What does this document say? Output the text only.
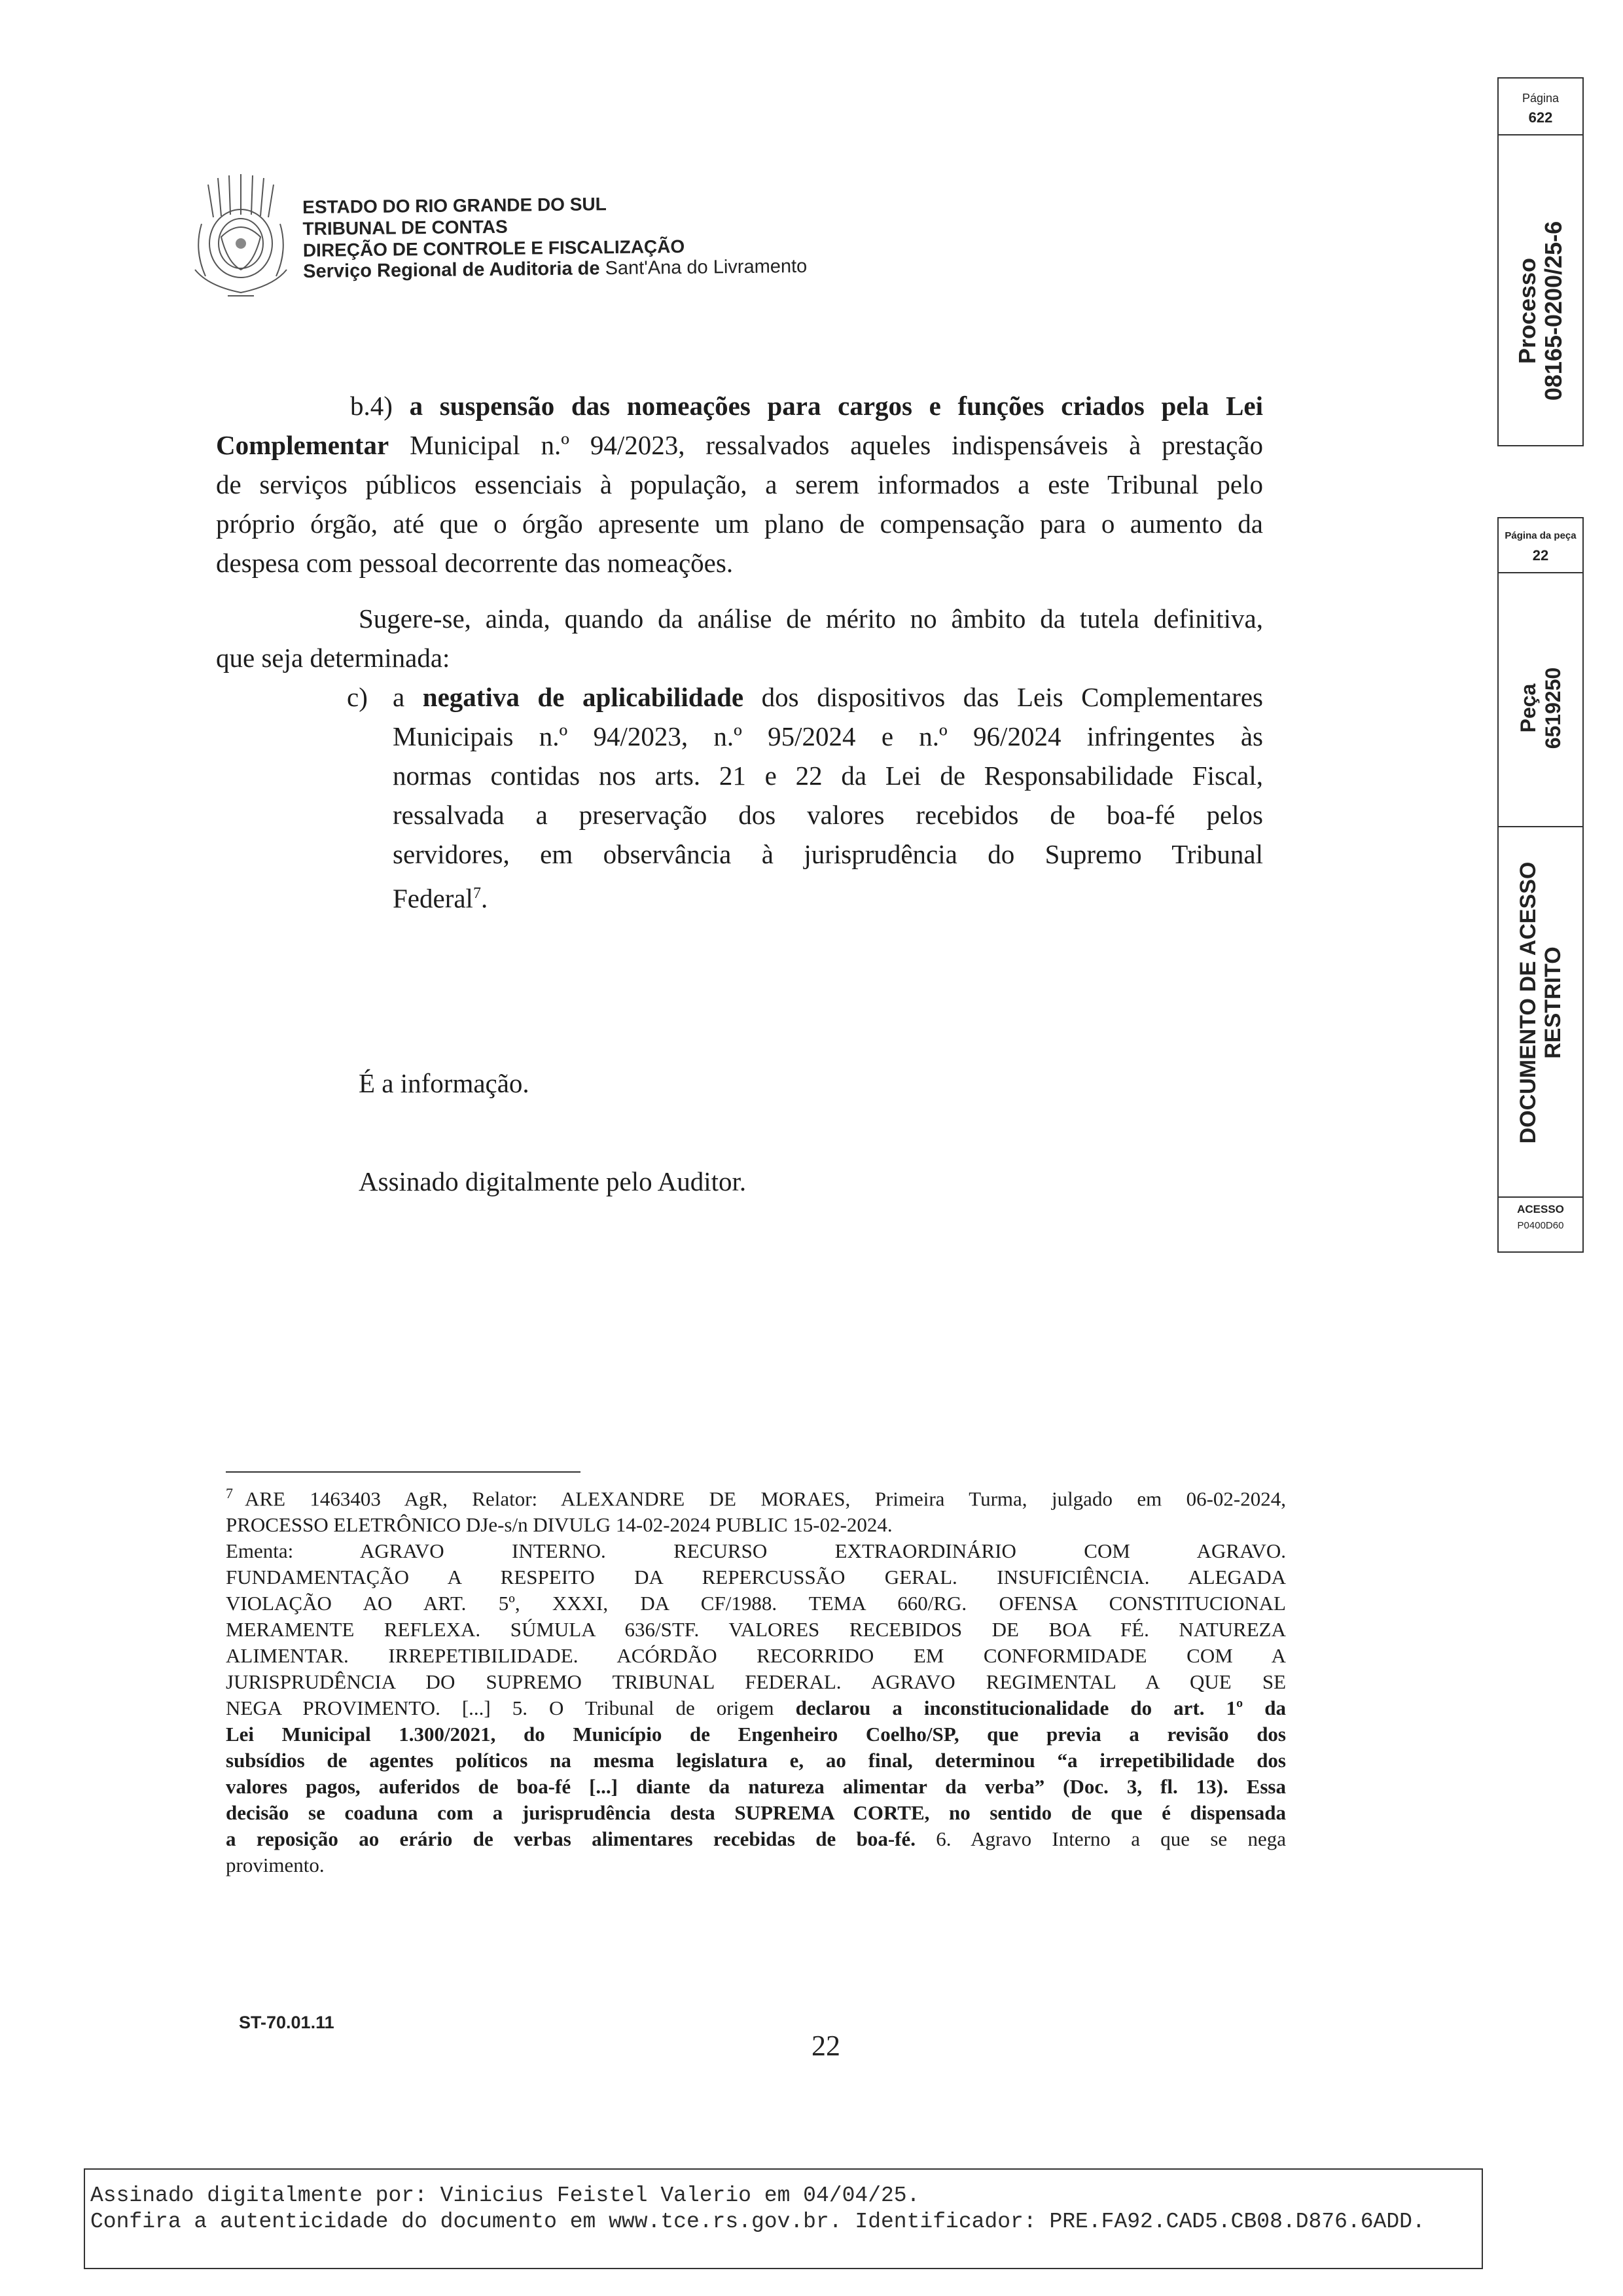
ESTADO DO RIO GRANDE DO SUL
TRIBUNAL DE CONTAS
DIREÇÃO DE CONTROLE E FISCALIZAÇÃO
Serviço Regional de Auditoria de Sant'Ana do Livramento
Página
622
Processo 08165-0200/25-6
Página da peça
22
Peça 6519250
DOCUMENTO DE ACESSO RESTRITO
ACESSO
P0400D60
b.4) a suspensão das nomeações para cargos e funções criados pela Lei
Complementar Municipal n.º 94/2023, ressalvados aqueles indispensáveis à prestação
de serviços públicos essenciais à população, a serem informados a este Tribunal pelo
próprio órgão, até que o órgão apresente um plano de compensação para o aumento da
despesa com pessoal decorrente das nomeações.
Sugere-se, ainda, quando da análise de mérito no âmbito da tutela definitiva,
que seja determinada:
c) a negativa de aplicabilidade dos dispositivos das Leis Complementares
Municipais n.º 94/2023, n.º 95/2024 e n.º 96/2024 infringentes às
normas contidas nos arts. 21 e 22 da Lei de Responsabilidade Fiscal,
ressalvada a preservação dos valores recebidos de boa-fé pelos
servidores, em observância à jurisprudência do Supremo Tribunal
Federal$^7$.
É a informação.
Assinado digitalmente pelo Auditor.
$^7$ ARE 1463403 AgR, Relator: ALEXANDRE DE MORAES, Primeira Turma, julgado em 06-02-2024,
PROCESSO ELETRÔNICO DJe-s/n DIVULG 14-02-2024 PUBLIC 15-02-2024.
Ementa: AGRAVO INTERNO. RECURSO EXTRAORDINÁRIO COM AGRAVO.
FUNDAMENTAÇÃO A RESPEITO DA REPERCUSSÃO GERAL. INSUFICIÊNCIA. ALEGADA
VIOLAÇÃO AO ART. 5º, XXXI, DA CF/1988. TEMA 660/RG. OFENSA CONSTITUCIONAL
MERAMENTE REFLEXA. SÚMULA 636/STF. VALORES RECEBIDOS DE BOA FÉ. NATUREZA
ALIMENTAR. IRREPETIBILIDADE. ACÓRDÃO RECORRIDO EM CONFORMIDADE COM A
JURISPRUDÊNCIA DO SUPREMO TRIBUNAL FEDERAL. AGRAVO REGIMENTAL A QUE SE
NEGA PROVIMENTO. [...] 5. O Tribunal de origem declarou a inconstitucionalidade do art. 1º da
Lei Municipal 1.300/2021, do Município de Engenheiro Coelho/SP, que previa a revisão dos
subsídios de agentes políticos na mesma legislatura e, ao final, determinou “a irrepetibilidade dos
valores pagos, auferidos de boa-fé [...] diante da natureza alimentar da verba” (Doc. 3, fl. 13). Essa
decisão se coaduna com a jurisprudência desta SUPREMA CORTE, no sentido de que é dispensada
a reposição ao erário de verbas alimentares recebidas de boa-fé. 6. Agravo Interno a que se nega
provimento.
ST-70.01.11
22
Assinado digitalmente por: Vinicius Feistel Valerio em 04/04/25.
Confira a autenticidade do documento em www.tce.rs.gov.br. Identificador: PRE.FA92.CAD5.CB08.D876.6ADD.
